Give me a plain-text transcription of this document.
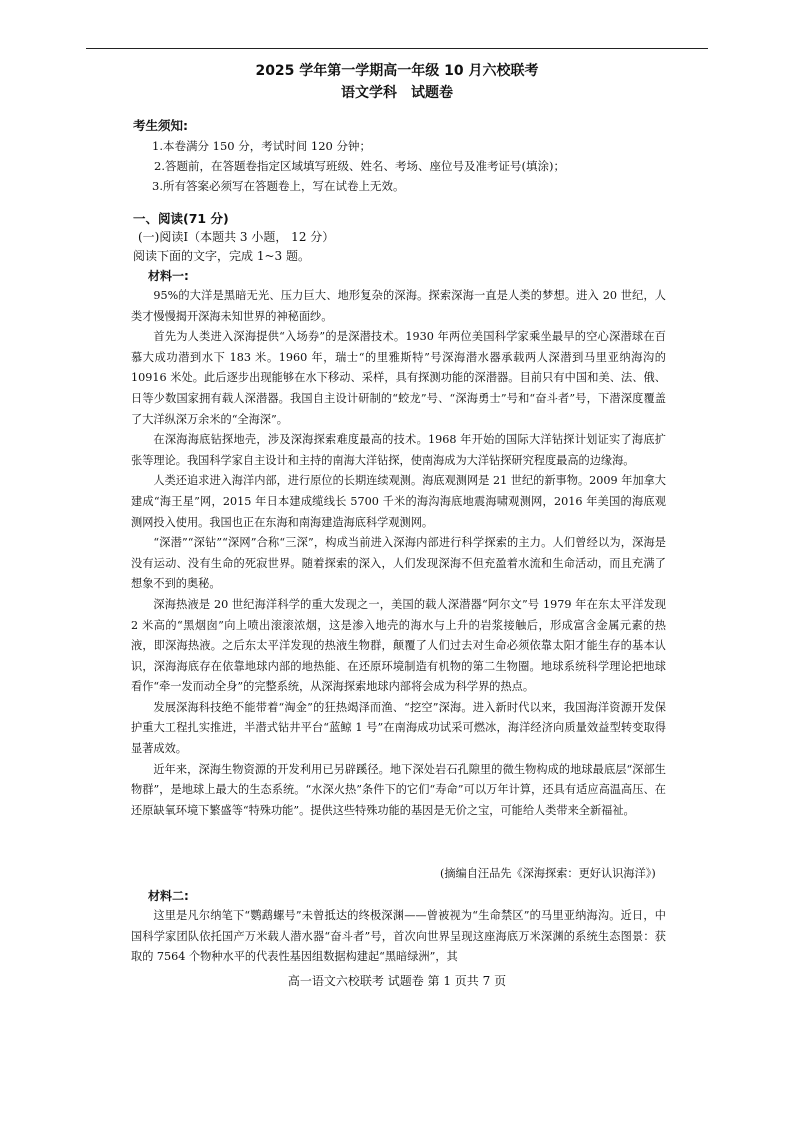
2025 学年第一学期高一年级 10 月六校联考
语文学科　试题卷
考生须知:
1.本卷满分 150 分，考试时间 120 分钟；
2.答题前，在答题卷指定区域填写班级、姓名、考场、座位号及准考证号(填涂)；
3.所有答案必须写在答题卷上，写在试卷上无效。
一、阅读(71 分)
(一)阅读Ⅰ（本题共 3 小题， 12 分）
阅读下面的文字，完成 1~3 题。
材料一:

95%的大洋是黑暗无光、压力巨大、地形复杂的深海。探索深海一直是人类的梦想。进入 20 世纪，人类才慢慢揭开深海未知世界的神秘面纱。

首先为人类进入深海提供“入场券”的是深潜技术。1930 年两位美国科学家乘坐最早的空心深潜球在百慕大成功潜到水下 183 米。1960 年，瑞士“的里雅斯特”号深海潜水器承载两人深潜到马里亚纳海沟的 10916 米处。此后逐步出现能够在水下移动、采样，具有探测功能的深潜器。目前只有中国和美、法、俄、日等少数国家拥有载人深潜器。我国自主设计研制的“蛟龙”号、“深海勇士”号和“奋斗者”号，下潜深度覆盖了大洋纵深万余米的“全海深”。

在深海海底钻探地壳，涉及深海探索难度最高的技术。1968 年开始的国际大洋钻探计划证实了海底扩张等理论。我国科学家自主设计和主持的南海大洋钻探，使南海成为大洋钻探研究程度最高的边缘海。

人类还追求进入海洋内部，进行原位的长期连续观测。海底观测网是 21 世纪的新事物。2009 年加拿大建成“海王星”网，2015 年日本建成缆线长 5700 千米的海沟海底地震海啸观测网，2016 年美国的海底观测网投入使用。我国也正在东海和南海建造海底科学观测网。

“深潜”“深钻”“深网”合称“三深”，构成当前进入深海内部进行科学探索的主力。人们曾经以为，深海是没有运动、没有生命的死寂世界。随着探索的深入，人们发现深海不但充盈着水流和生命活动，而且充满了想象不到的奥秘。

深海热液是 20 世纪海洋科学的重大发现之一，美国的载人深潜器“阿尔文”号 1979 年在东太平洋发现 2 米高的“黑烟囱”向上喷出滚滚浓烟，这是渗入地壳的海水与上升的岩浆接触后，形成富含金属元素的热液，即深海热液。之后东太平洋发现的热液生物群，颠覆了人们过去对生命必须依靠太阳才能生存的基本认识，深海海底存在依靠地球内部的地热能、在还原环境制造有机物的第二生物圈。地球系统科学理论把地球看作“牵一发而动全身”的完整系统，从深海探索地球内部将会成为科学界的热点。

发展深海科技绝不能带着“淘金”的狂热竭泽而渔、“挖空”深海。进入新时代以来，我国海洋资源开发保护重大工程扎实推进，半潜式钻井平台“蓝鲸 1 号”在南海成功试采可燃冰，海洋经济向质量效益型转变取得显著成效。

近年来，深海生物资源的开发利用已另辟蹊径。地下深处岩石孔隙里的微生物构成的地球最底层“深部生物群”，是地球上最大的生态系统。“水深火热”条件下的它们“寿命”可以万年计算，还具有适应高温高压、在还原缺氧环境下繁盛等“特殊功能”。提供这些特殊功能的基因是无价之宝，可能给人类带来全新福祉。

(摘编自汪品先《深海探索：更好认识海洋》)
材料二:

这里是凡尔纳笔下“鹦鹉螺号”未曾抵达的终极深渊——曾被视为“生命禁区”的马里亚纳海沟。近日，中国科学家团队依托国产万米载人潜水器“奋斗者”号，首次向世界呈现这座海底万米深渊的系统生态图景：获取的 7564 个物种水平的代表性基因组数据构建起“黑暗绿洲”，其

高一语文六校联考 试题卷 第 1 页共 7 页
